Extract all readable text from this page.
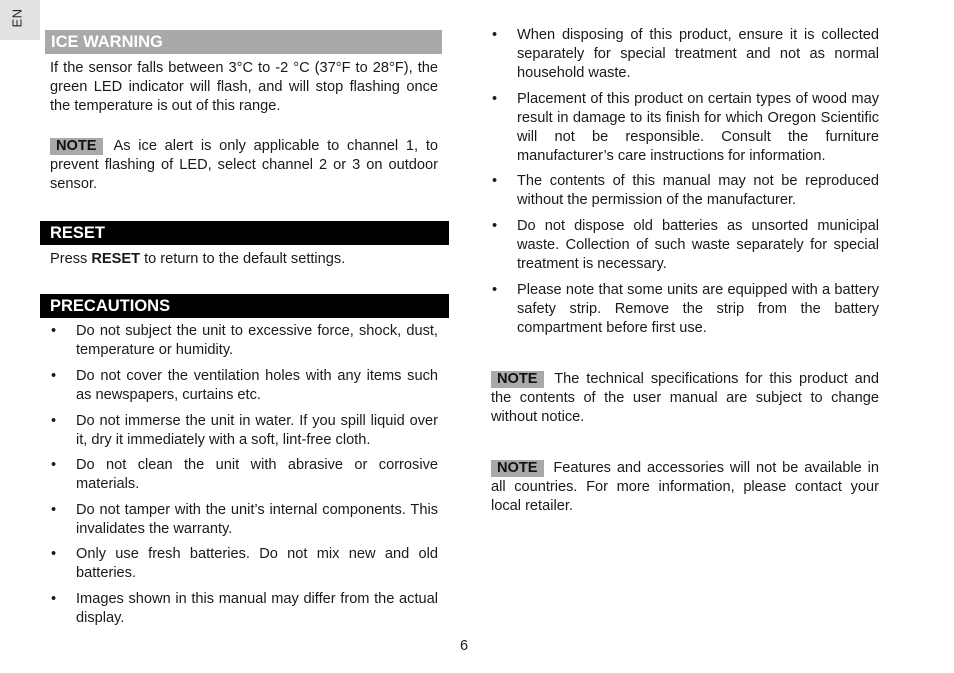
EN
ICE WARNING

If the sensor falls between 3°C to -2 °C (37°F to 28°F), the green LED indicator will flash, and will stop flashing once the temperature is out of this range.

NOTE As ice alert is only applicable to channel 1, to prevent flashing of LED, select channel 2 or 3 on outdoor sensor.

RESET

Press RESET to return to the default settings.

PRECAUTIONS
• Do not subject the unit to excessive force, shock, dust, temperature or humidity.
• Do not cover the ventilation holes with any items such as newspapers, curtains etc.
• Do not immerse the unit in water. If you spill liquid over it, dry it immediately with a soft, lint-free cloth.
• Do not clean the unit with abrasive or corrosive materials.
• Do not tamper with the unit’s internal components. This invalidates the warranty.
• Only use fresh batteries. Do not mix new and old batteries.
• Images shown in this manual may differ from the actual display.
• When disposing of this product, ensure it is collected separately for special treatment and not as normal household waste.
• Placement of this product on certain types of wood may result in damage to its finish for which Oregon Scientific will not be responsible. Consult the furniture manufacturer’s care instructions for information.
• The contents of this manual may not be reproduced without the permission of the manufacturer.
• Do not dispose old batteries as unsorted municipal waste. Collection of such waste separately for special treatment is necessary.
• Please note that some units are equipped with a battery safety strip. Remove the strip from the battery compartment before first use.

NOTE The technical specifications for this product and the contents of the user manual are subject to change without notice.

NOTE Features and accessories will not be available in all countries. For more information, please contact your local retailer.

6
